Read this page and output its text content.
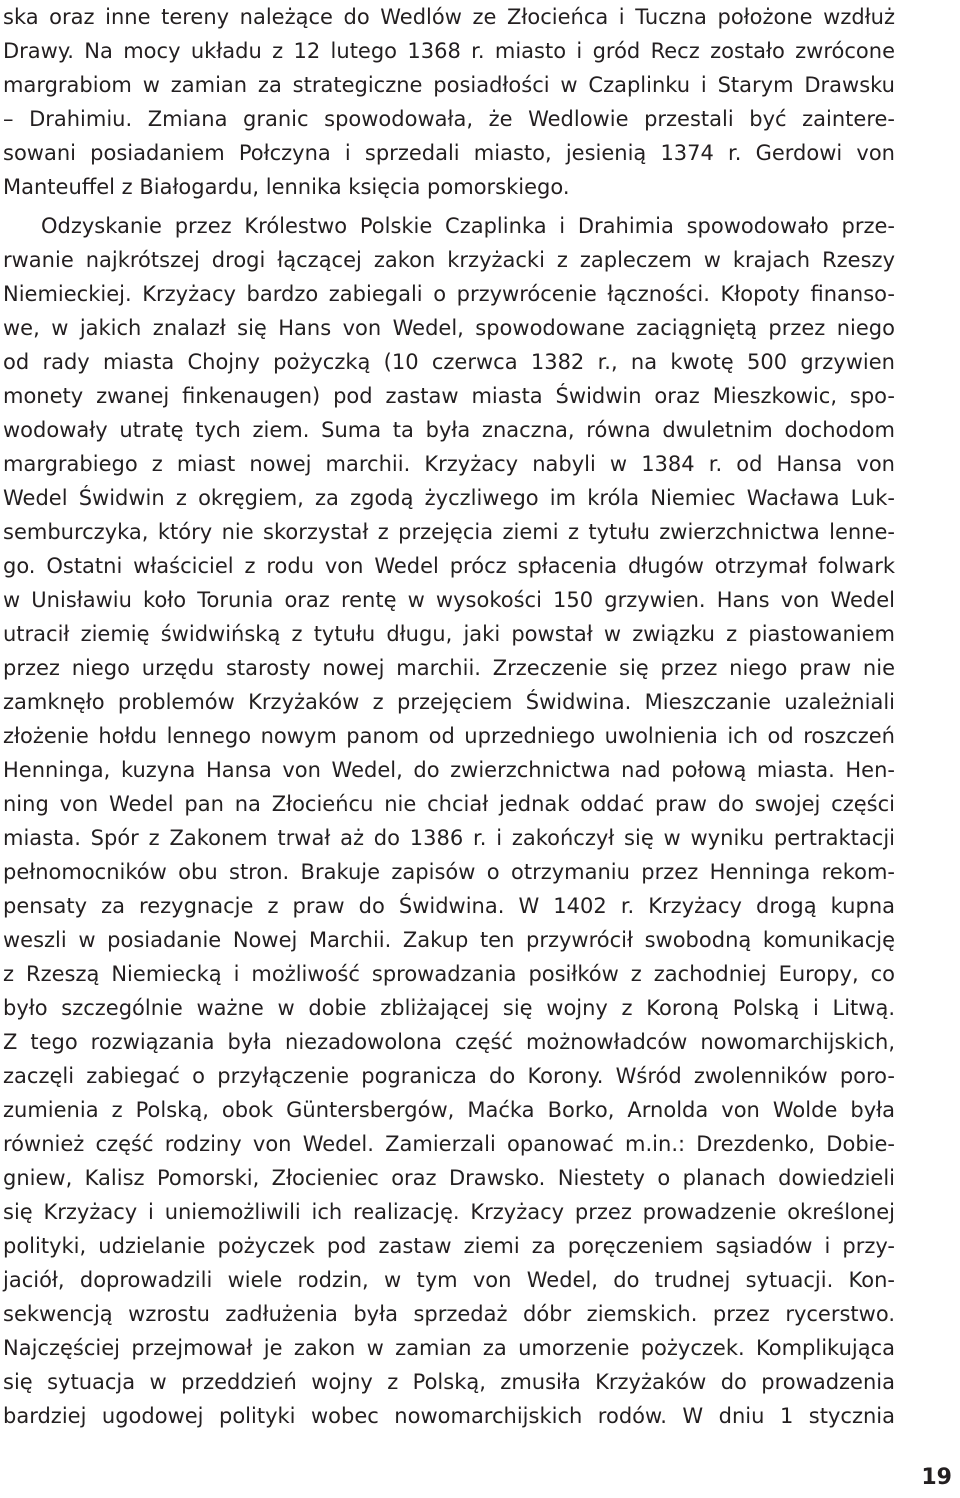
ska oraz inne tereny należące do Wedlów ze Złocieńca i Tuczna położone wzdłuż
Drawy. Na mocy układu z 12 lutego 1368 r. miasto i gród Recz zostało zwrócone
margrabiom w zamian za strategiczne posiadłości w Czaplinku i Starym Drawsku
– Drahimiu. Zmiana granic spowodowała, że Wedlowie przestali być zaintere-
sowani posiadaniem Połczyna i sprzedali miasto, jesienią 1374 r. Gerdowi von
Manteuffel z Białogardu, lennika księcia pomorskiego.
Odzyskanie przez Królestwo Polskie Czaplinka i Drahimia spowodowało prze-
rwanie najkrótszej drogi łączącej zakon krzyżacki z zapleczem w krajach Rzeszy
Niemieckiej. Krzyżacy bardzo zabiegali o przywrócenie łączności. Kłopoty finanso-
we, w jakich znalazł się Hans von Wedel, spowodowane zaciągniętą przez niego
od rady miasta Chojny pożyczką (10 czerwca 1382 r., na kwotę 500 grzywien
monety zwanej finkenaugen) pod zastaw miasta Świdwin oraz Mieszkowic, spo-
wodowały utratę tych ziem. Suma ta była znaczna, równa dwuletnim dochodom
margrabiego z miast nowej marchii. Krzyżacy nabyli w 1384 r. od Hansa von
Wedel Świdwin z okręgiem, za zgodą życzliwego im króla Niemiec Wacława Luk-
semburczyka, który nie skorzystał z przejęcia ziemi z tytułu zwierzchnictwa lenne-
go. Ostatni właściciel z rodu von Wedel prócz spłacenia długów otrzymał folwark
w Unisławiu koło Torunia oraz rentę w wysokości 150 grzywien. Hans von Wedel
utracił ziemię świdwińską z tytułu długu, jaki powstał w związku z piastowaniem
przez niego urzędu starosty nowej marchii. Zrzeczenie się przez niego praw nie
zamknęło problemów Krzyżaków z przejęciem Świdwina. Mieszczanie uzależniali
złożenie hołdu lennego nowym panom od uprzedniego uwolnienia ich od roszczeń
Henninga, kuzyna Hansa von Wedel, do zwierzchnictwa nad połową miasta. Hen-
ning von Wedel pan na Złocieńcu nie chciał jednak oddać praw do swojej części
miasta. Spór z Zakonem trwał aż do 1386 r. i zakończył się w wyniku pertraktacji
pełnomocników obu stron. Brakuje zapisów o otrzymaniu przez Henninga rekom-
pensaty za rezygnacje z praw do Świdwina. W 1402 r. Krzyżacy drogą kupna
weszli w posiadanie Nowej Marchii. Zakup ten przywrócił swobodną komunikację
z Rzeszą Niemiecką i możliwość sprowadzania posiłków z zachodniej Europy, co
było szczególnie ważne w dobie zbliżającej się wojny z Koroną Polską i Litwą.
Z tego rozwiązania była niezadowolona część możnowładców nowomarchijskich,
zaczęli zabiegać o przyłączenie pogranicza do Korony. Wśród zwolenników poro-
zumienia z Polską, obok Güntersbergów, Maćka Borko, Arnolda von Wolde była
również część rodziny von Wedel. Zamierzali opanować m.in.: Drezdenko, Dobie-
gniew, Kalisz Pomorski, Złocieniec oraz Drawsko. Niestety o planach dowiedzieli
się Krzyżacy i uniemożliwili ich realizację. Krzyżacy przez prowadzenie określonej
polityki, udzielanie pożyczek pod zastaw ziemi za poręczeniem sąsiadów i przy-
jaciół, doprowadzili wiele rodzin, w tym von Wedel, do trudnej sytuacji. Kon-
sekwencją wzrostu zadłużenia była sprzedaż dóbr ziemskich. przez rycerstwo.
Najczęściej przejmował je zakon w zamian za umorzenie pożyczek. Komplikująca
się sytuacja w przeddzień wojny z Polską, zmusiła Krzyżaków do prowadzenia
bardziej ugodowej polityki wobec nowomarchijskich rodów. W dniu 1 stycznia
19
